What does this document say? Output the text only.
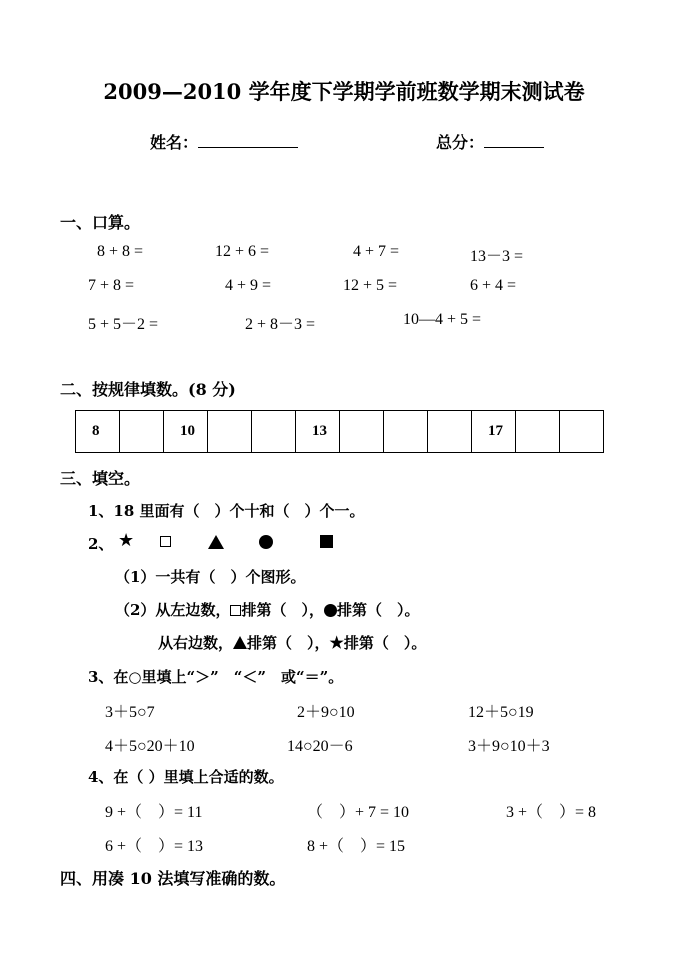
2009—2010 学年度下学期学前班数学期末测试卷
姓名：	总分：
一、口算。
8 + 8 =	12 + 6 =	4 + 7 =	13－3 =
7 + 8 =	4 + 9 =	12 + 5 =	6 + 4 =
5 + 5－2 =	2 + 8－3 =	10—4 + 5 =
二、按规律填数。(8 分)
8		10			13				17		
三、填空。
1、18 里面有（　）个十和（　）个一。
2、 ★
（1）一共有（　）个图形。
（2）从左边数， 排第（　）， 排第（　）。
从右边数， 排第（　），★排第（　）。
3、在○里填上“＞”　“＜”　或“＝”。
3＋5○7	2＋9○10	12＋5○19
4＋5○20＋10	14○20－6	3＋9○10＋3
4、在（ ）里填上合适的数。
9 +（　）= 11	（　）+ 7 = 10	3 +（　）= 8
6 +（　）= 13	8 +（　）= 15
四、用凑 10 法填写准确的数。
